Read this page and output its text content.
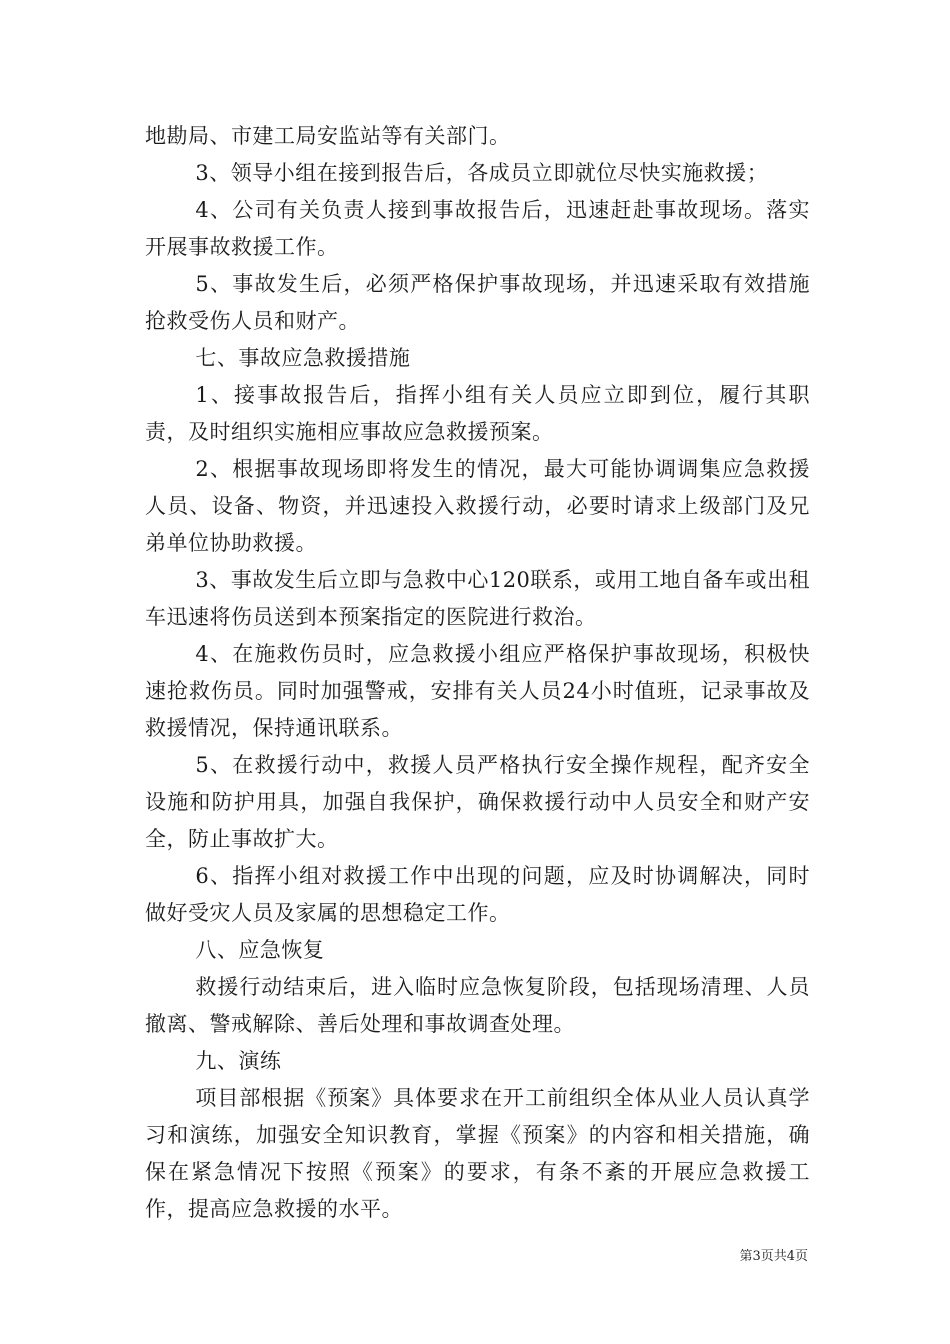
地勘局、市建工局安监站等有关部门。

3、领导小组在接到报告后，各成员立即就位尽快实施救援；

4、公司有关负责人接到事故报告后，迅速赶赴事故现场。落实开展事故救援工作。

5、事故发生后，必须严格保护事故现场，并迅速采取有效措施抢救受伤人员和财产。

七、事故应急救援措施

1、接事故报告后，指挥小组有关人员应立即到位，履行其职责，及时组织实施相应事故应急救援预案。

2、根据事故现场即将发生的情况，最大可能协调调集应急救援人员、设备、物资，并迅速投入救援行动，必要时请求上级部门及兄弟单位协助救援。

3、事故发生后立即与急救中心120联系，或用工地自备车或出租车迅速将伤员送到本预案指定的医院进行救治。

4、在施救伤员时，应急救援小组应严格保护事故现场，积极快速抢救伤员。同时加强警戒，安排有关人员24小时值班，记录事故及救援情况，保持通讯联系。

5、在救援行动中，救援人员严格执行安全操作规程，配齐安全设施和防护用具，加强自我保护，确保救援行动中人员安全和财产安全，防止事故扩大。

6、指挥小组对救援工作中出现的问题，应及时协调解决，同时做好受灾人员及家属的思想稳定工作。

八、应急恢复

救援行动结束后，进入临时应急恢复阶段，包括现场清理、人员撤离、警戒解除、善后处理和事故调查处理。

九、演练

项目部根据《预案》具体要求在开工前组织全体从业人员认真学习和演练，加强安全知识教育，掌握《预案》的内容和相关措施，确保在紧急情况下按照《预案》的要求，有条不紊的开展应急救援工作，提高应急救援的水平。

第3页共4页
